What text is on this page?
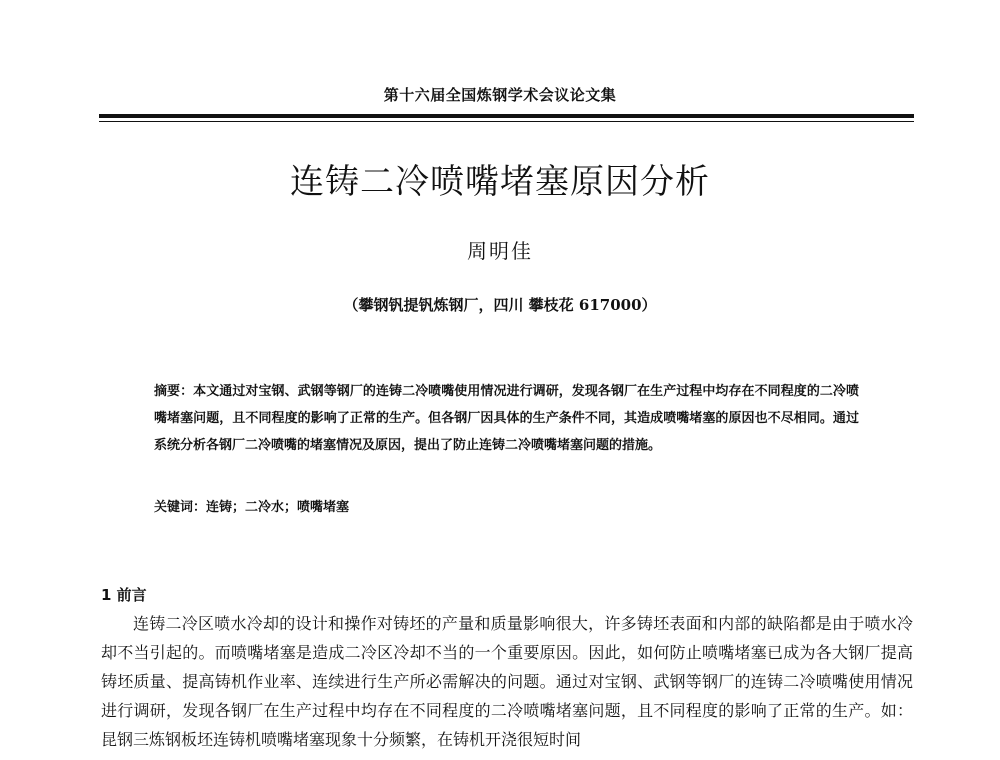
第十六届全国炼钢学术会议论文集
连铸二冷喷嘴堵塞原因分析
周明佳
（攀钢钒提钒炼钢厂，四川 攀枝花 617000）
摘要：本文通过对宝钢、武钢等钢厂的连铸二冷喷嘴使用情况进行调研，发现各钢厂在生产过程中均存在不同程度的二冷喷嘴堵塞问题，且不同程度的影响了正常的生产。但各钢厂因具体的生产条件不同，其造成喷嘴堵塞的原因也不尽相同。通过系统分析各钢厂二冷喷嘴的堵塞情况及原因，提出了防止连铸二冷喷嘴堵塞问题的措施。
关键词：连铸；二冷水；喷嘴堵塞
1 前言

连铸二冷区喷水冷却的设计和操作对铸坯的产量和质量影响很大，许多铸坯表面和内部的缺陷都是由于喷水冷却不当引起的。而喷嘴堵塞是造成二冷区冷却不当的一个重要原因。因此，如何防止喷嘴堵塞已成为各大钢厂提高铸坯质量、提高铸机作业率、连续进行生产所必需解决的问题。通过对宝钢、武钢等钢厂的连铸二冷喷嘴使用情况进行调研，发现各钢厂在生产过程中均存在不同程度的二冷喷嘴堵塞问题，且不同程度的影响了正常的生产。如：昆钢三炼钢板坯连铸机喷嘴堵塞现象十分频繁，在铸机开浇很短时间
